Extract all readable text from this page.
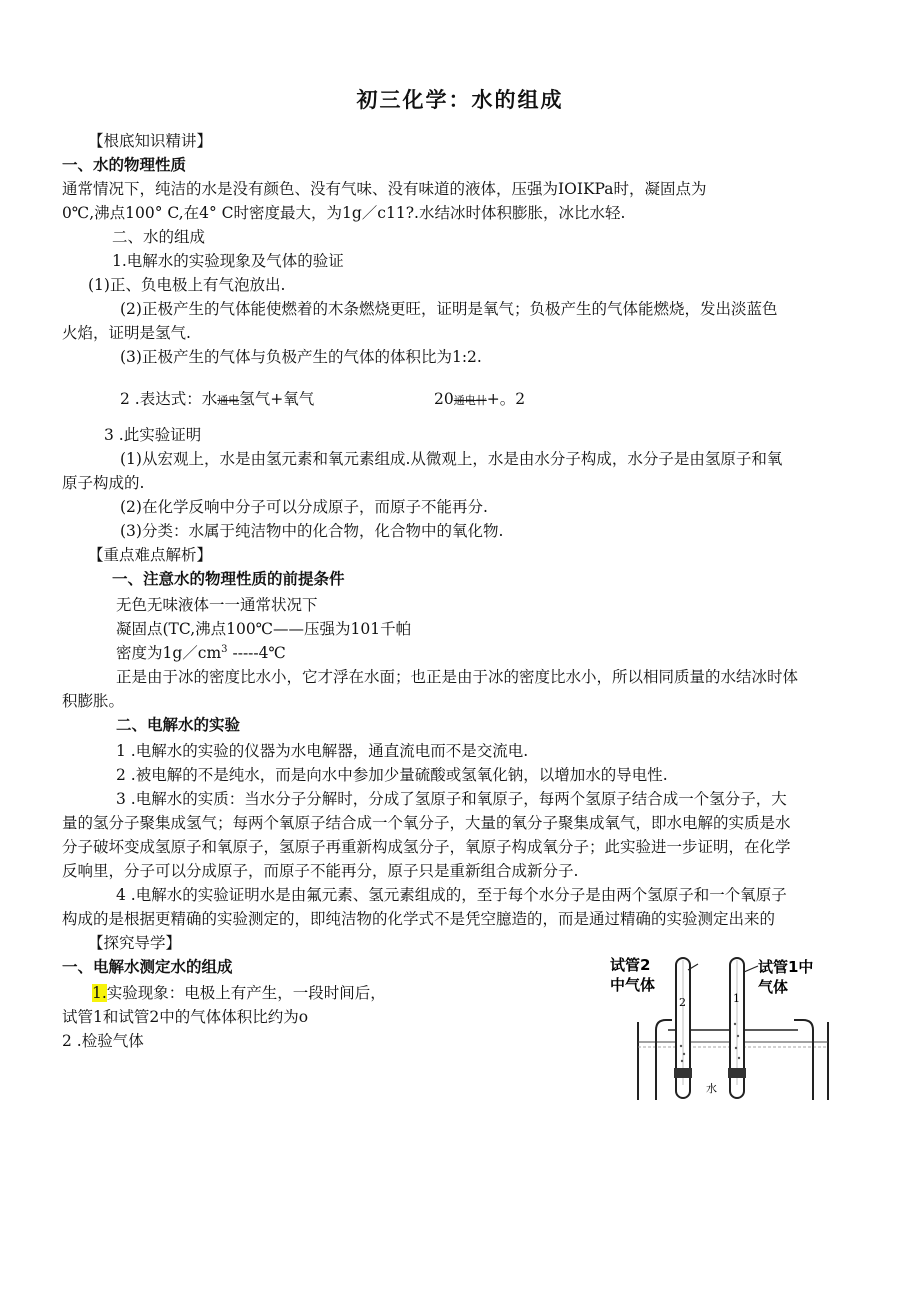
初三化学：水的组成
【根底知识精讲】
一、水的物理性质
通常情况下，纯洁的水是没有颜色、没有气味、没有味道的液体，压强为IOIKPa时，凝固点为
0℃,沸点100° C,在4° C时密度最大，为1g／c11?.水结冰时体积膨胀，冰比水轻.
二、水的组成
1.电解水的实验现象及气体的验证
(1)正、负电极上有气泡放出.
(2)正极产生的气体能使燃着的木条燃烧更旺，证明是氧气；负极产生的气体能燃烧，发出淡蓝色
火焰，证明是氢气.
(3)正极产生的气体与负极产生的气体的体积比为1:2.
2 .表达式：水通电氢气+氧气	20通电卄+。2
3 .此实验证明
(1)从宏观上，水是由氢元素和氧元素组成.从微观上，水是由水分子构成，水分子是由氢原子和氧
原子构成的.
(2)在化学反响中分子可以分成原子，而原子不能再分.
(3)分类：水属于纯洁物中的化合物，化合物中的氧化物.
【重点难点解析】
一、注意水的物理性质的前提条件
无色无味液体一一通常状况下
凝固点(TC,沸点100℃——压强为101千帕
密度为$1g/cm^3$ -----4℃
正是由于冰的密度比水小，它才浮在水面；也正是由于冰的密度比水小，所以相同质量的水结冰时体
积膨胀。
二、电解水的实验
1 .电解水的实验的仪器为水电解器，通直流电而不是交流电.
2 .被电解的不是纯水，而是向水中参加少量硫酸或氢氧化钠，以增加水的导电性.
3 .电解水的实质：当水分子分解时，分成了氢原子和氧原子，每两个氢原子结合成一个氢分子，大
量的氢分子聚集成氢气；每两个氧原子结合成一个氧分子，大量的氧分子聚集成氧气，即水电解的实质是水
分子破坏变成氢原子和氧原子，氢原子再重新构成氢分子，氧原子构成氧分子；此实验进一步证明，在化学
反响里，分子可以分成原子，而原子不能再分，原子只是重新组合成新分子.
4 .电解水的实验证明水是由氟元素、氢元素组成的，至于每个水分子是由两个氢原子和一个氧原子
构成的是根据更精确的实验测定的，即纯洁物的化学式不是凭空臆造的，而是通过精确的实验测定出来的
【探究导学】
一、电解水测定水的组成
1.实验现象：电极上有产生，一段时间后，
试管1和试管2中的气体体积比约为o
2 .检验气体
试管2
中气体
试管1中
气体
2	1
水
